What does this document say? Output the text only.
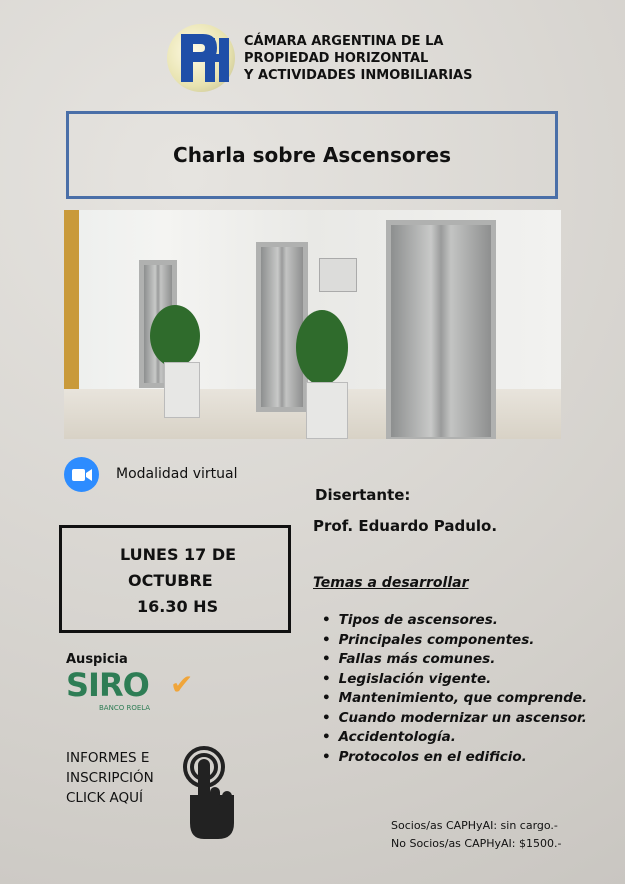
CÁMARA ARGENTINA DE LA
PROPIEDAD HORIZONTAL
Y ACTIVIDADES INMOBILIARIAS
Charla sobre Ascensores
Modalidad virtual
Disertante:
Prof. Eduardo Padulo.
LUNES 17 DE
OCTUBRE
16.30 HS
Temas a desarrollar
• Tipos de ascensores.
• Principales componentes.
• Fallas más comunes.
• Legislación vigente.
• Mantenimiento, que comprende.
• Cuando modernizar un ascensor.
• Accidentología.
• Protocolos en el edificio.
Auspicia
SIRO ✔
BANCO ROELA
INFORMES E
INSCRIPCIÓN
CLICK AQUÍ
Socios/as CAPHyAI: sin cargo.-
No Socios/as CAPHyAI: $1500.-
